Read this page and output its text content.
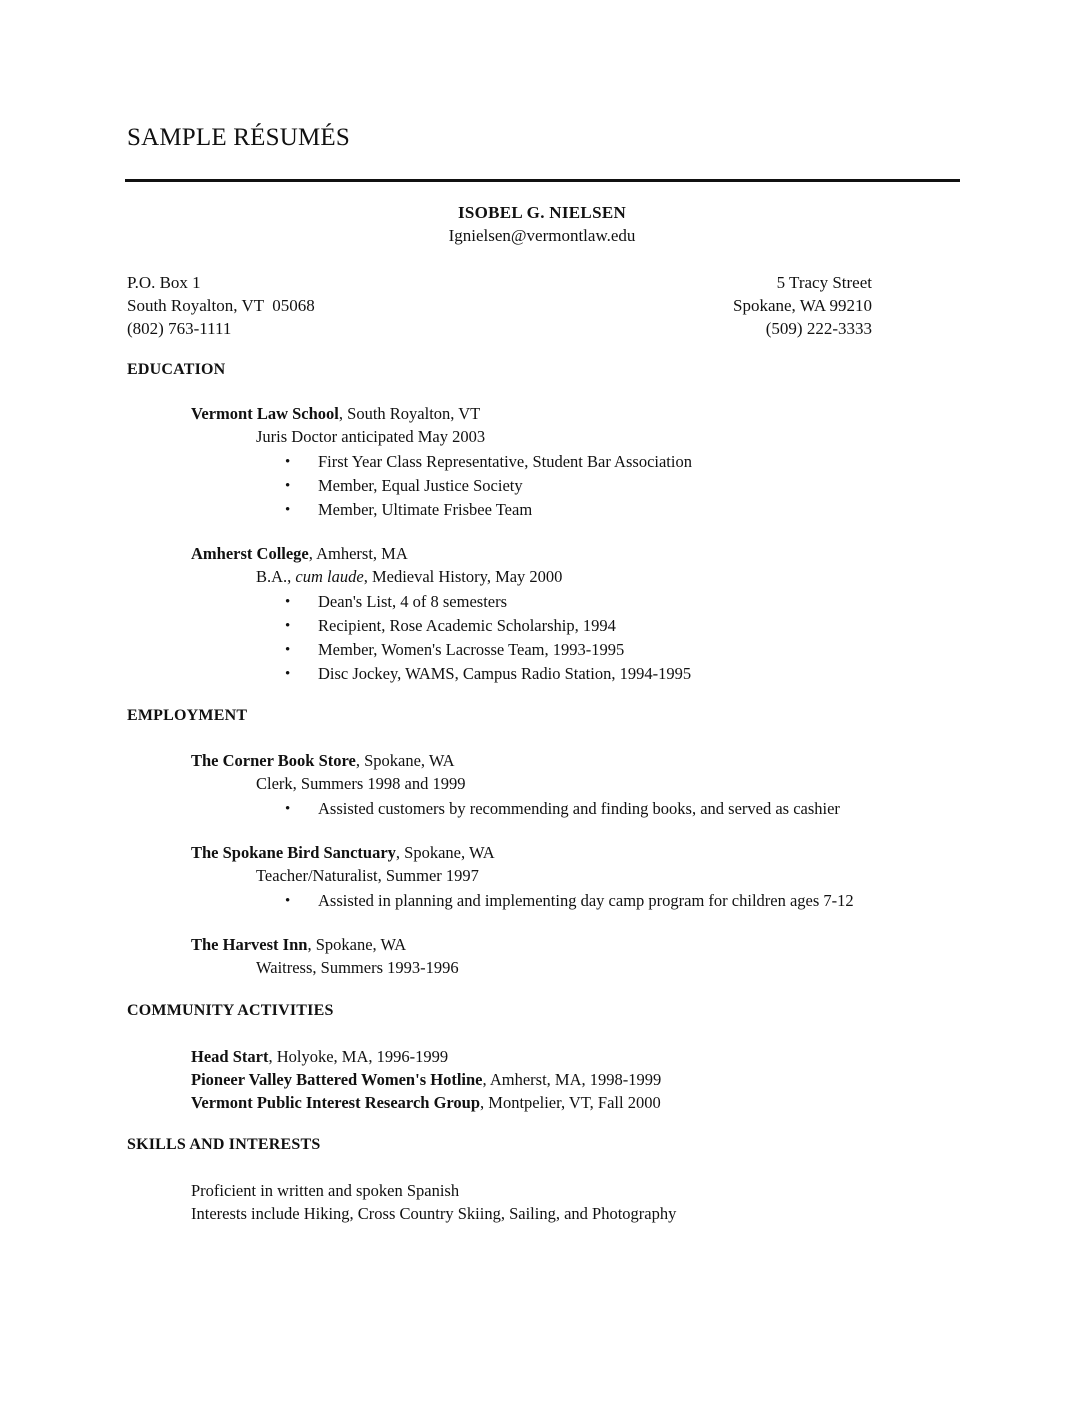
SAMPLE RÉSUMÉS
ISOBEL G. NIELSEN
Ignielsen@vermontlaw.edu
P.O. Box 1
South Royalton, VT  05068
(802) 763-1111
5 Tracy Street
Spokane, WA 99210
(509) 222-3333
EDUCATION
Vermont Law School, South Royalton, VT
Juris Doctor anticipated May 2003
• First Year Class Representative, Student Bar Association
• Member, Equal Justice Society
• Member, Ultimate Frisbee Team
Amherst College, Amherst, MA
B.A., cum laude, Medieval History, May 2000
• Dean's List, 4 of 8 semesters
• Recipient, Rose Academic Scholarship, 1994
• Member, Women's Lacrosse Team, 1993-1995
• Disc Jockey, WAMS, Campus Radio Station, 1994-1995
EMPLOYMENT
The Corner Book Store, Spokane, WA
Clerk, Summers 1998 and 1999
• Assisted customers by recommending and finding books, and served as cashier
The Spokane Bird Sanctuary, Spokane, WA
Teacher/Naturalist, Summer 1997
• Assisted in planning and implementing day camp program for children ages 7-12
The Harvest Inn, Spokane, WA
Waitress, Summers 1993-1996
COMMUNITY ACTIVITIES
Head Start, Holyoke, MA, 1996-1999
Pioneer Valley Battered Women's Hotline, Amherst, MA, 1998-1999
Vermont Public Interest Research Group, Montpelier, VT, Fall 2000
SKILLS AND INTERESTS
Proficient in written and spoken Spanish
Interests include Hiking, Cross Country Skiing, Sailing, and Photography
